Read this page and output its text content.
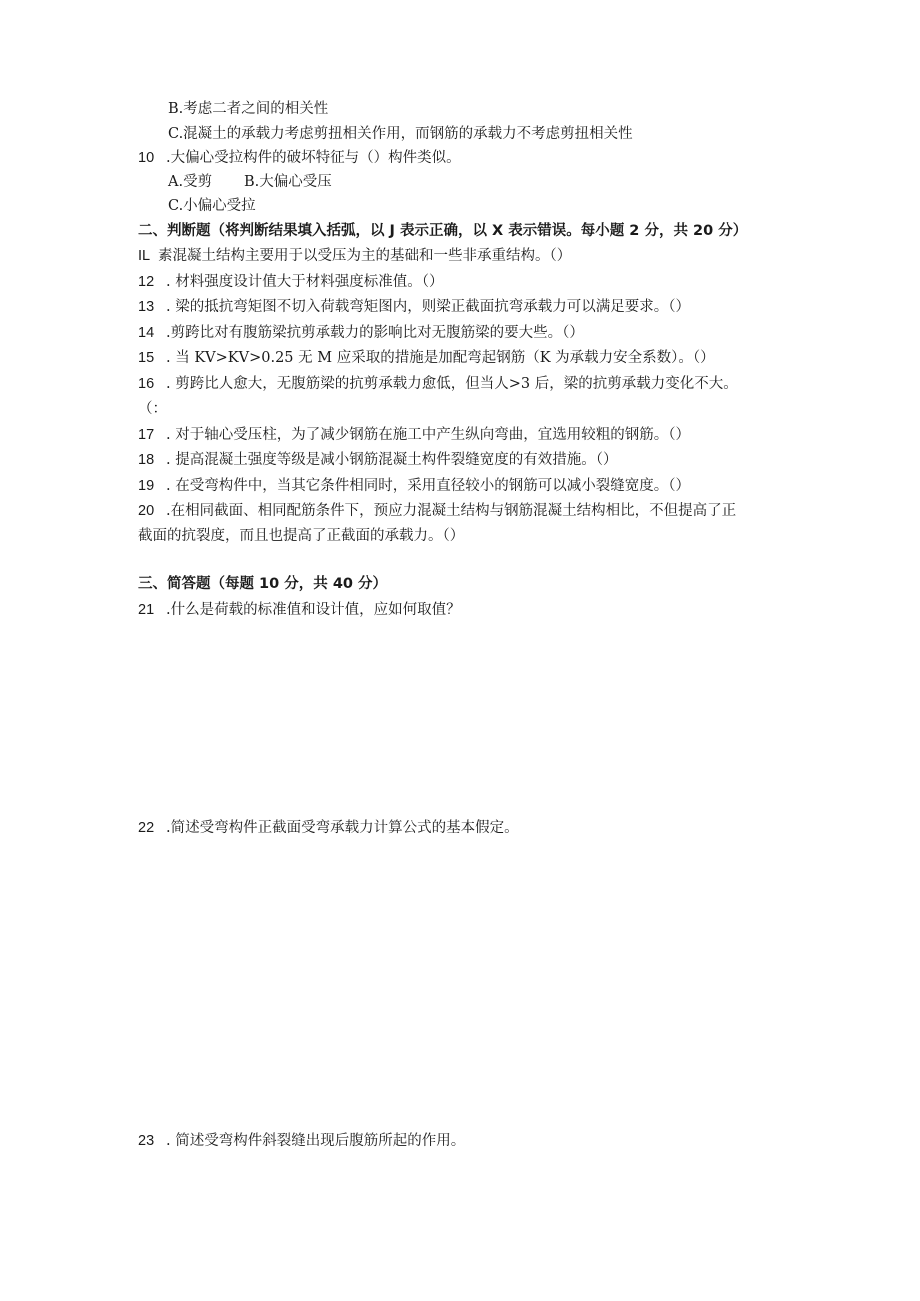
B.考虑二者之间的相关性
C.混凝土的承载力考虑剪扭相关作用，而钢筋的承载力不考虑剪扭相关性
10 .大偏心受拉构件的破坏特征与（）构件类似。
A.受剪 B.大偏心受压
C.小偏心受拉
二、判断题（将判断结果填入括弧，以 J 表示正确，以 X 表示错误。每小题 2 分，共 20 分）
IL 素混凝土结构主要用于以受压为主的基础和一些非承重结构。（）
12 . 材料强度设计值大于材料强度标准值。（）
13 . 梁的抵抗弯矩图不切入荷载弯矩图内，则梁正截面抗弯承载力可以满足要求。（）
14 .剪跨比对有腹筋梁抗剪承载力的影响比对无腹筋梁的要大些。（）
15 . 当 KV>KV>0.25 无 M 应采取的措施是加配弯起钢筋（K 为承载力安全系数）。（）
16 . 剪跨比人愈大，无腹筋梁的抗剪承载力愈低，但当人>3 后，梁的抗剪承载力变化不大。
（：
17 . 对于轴心受压柱，为了减少钢筋在施工中产生纵向弯曲，宜选用较粗的钢筋。（）
18 . 提高混凝土强度等级是减小钢筋混凝土构件裂缝宽度的有效措施。（）
19 . 在受弯构件中，当其它条件相同时，采用直径较小的钢筋可以减小裂缝宽度。（）
20 .在相同截面、相同配筋条件下，预应力混凝土结构与钢筋混凝土结构相比，不但提高了正
截面的抗裂度，而且也提高了正截面的承载力。（）
三、简答题（每题 10 分，共 40 分）
21 .什么是荷载的标准值和设计值，应如何取值？
22 .简述受弯构件正截面受弯承载力计算公式的基本假定。
23 . 简述受弯构件斜裂缝出现后腹筋所起的作用。
